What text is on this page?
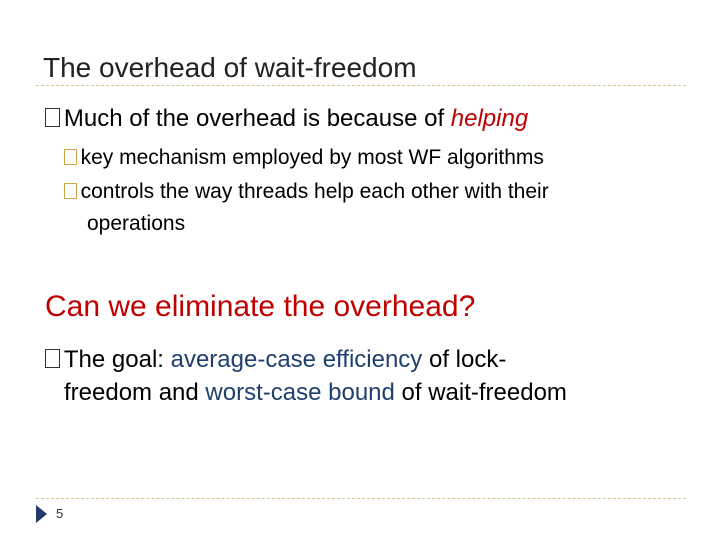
The overhead of wait-freedom
Much of the overhead is because of helping
key mechanism employed by most WF algorithms
controls the way threads help each other with their
operations
Can we eliminate the overhead?
The goal: average-case efficiency of lock-
freedom and worst-case bound of wait-freedom
5
